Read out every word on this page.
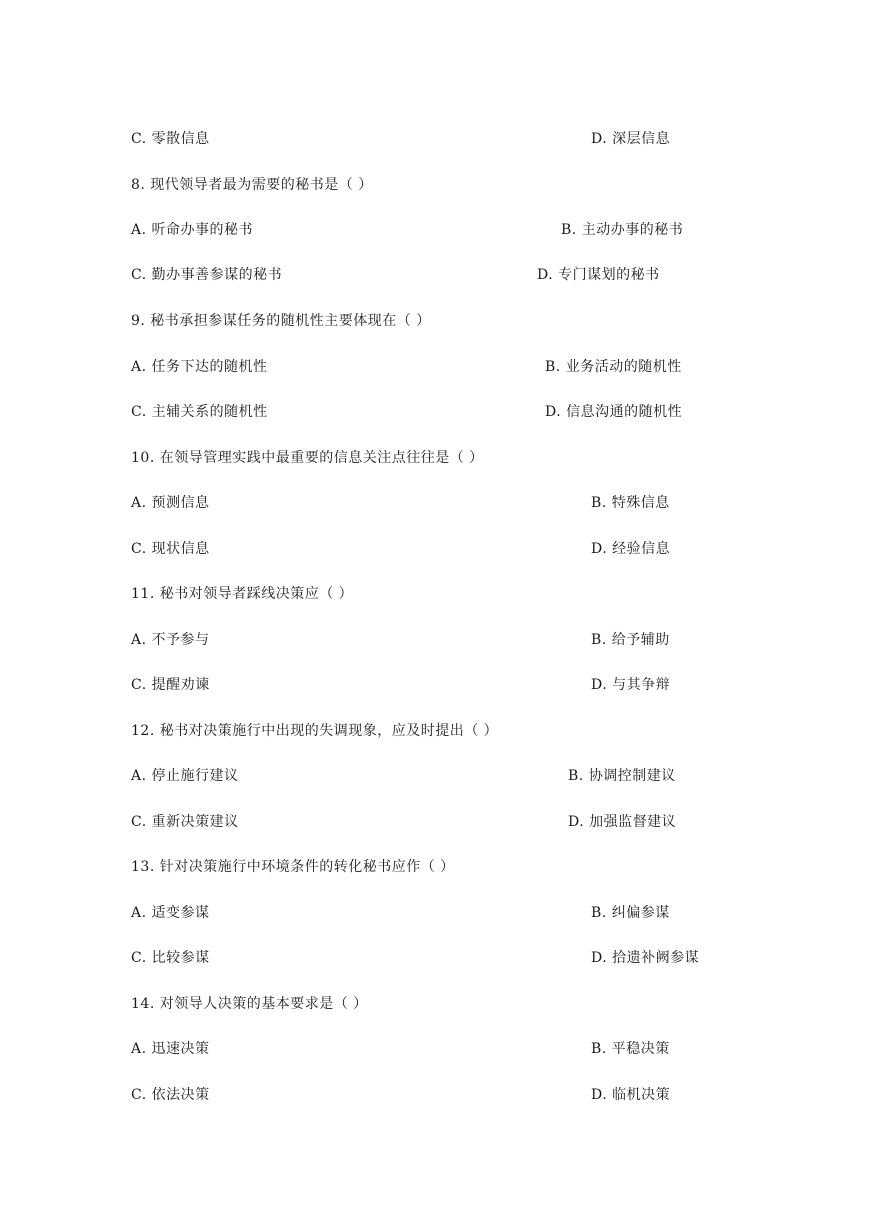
C. 零散信息	D. 深层信息
8. 现代领导者最为需要的秘书是（ ）
A. 听命办事的秘书	B. 主动办事的秘书
C. 勤办事善参谋的秘书	D. 专门谋划的秘书
9. 秘书承担参谋任务的随机性主要体现在（ ）
A. 任务下达的随机性	B. 业务活动的随机性
C. 主辅关系的随机性	D. 信息沟通的随机性
10. 在领导管理实践中最重要的信息关注点往往是（ ）
A. 预测信息	B. 特殊信息
C. 现状信息	D. 经验信息
11. 秘书对领导者踩线决策应（ ）
A. 不予参与	B. 给予辅助
C. 提醒劝谏	D. 与其争辩
12. 秘书对决策施行中出现的失调现象，应及时提出（ ）
A. 停止施行建议	B. 协调控制建议
C. 重新决策建议	D. 加强监督建议
13. 针对决策施行中环境条件的转化秘书应作（ ）
A. 适变参谋	B. 纠偏参谋
C. 比较参谋	D. 拾遗补阙参谋
14. 对领导人决策的基本要求是（ ）
A. 迅速决策	B. 平稳决策
C. 依法决策	D. 临机决策
